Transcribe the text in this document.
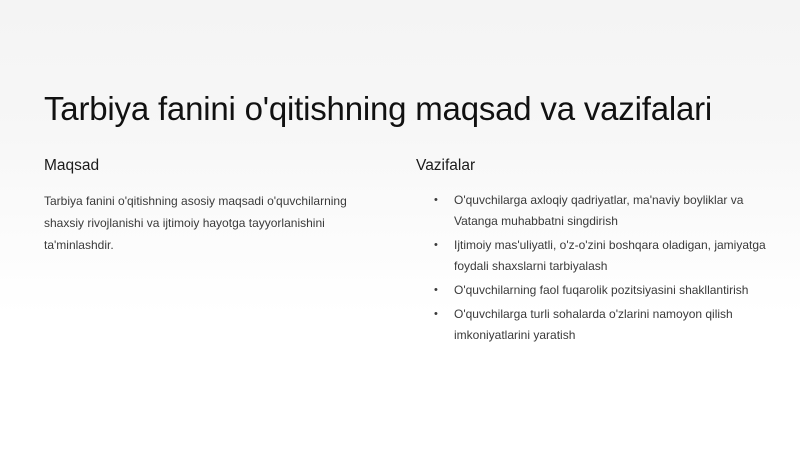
Tarbiya fanini o'qitishning maqsad va vazifalari
Maqsad

Tarbiya fanini o'qitishning asosiy maqsadi o'quvchilarning shaxsiy rivojlanishi va ijtimoiy hayotga tayyorlanishini ta'minlashdir.

Vazifalar
• O'quvchilarga axloqiy qadriyatlar, ma'naviy boyliklar va Vatanga muhabbatni singdirish
• Ijtimoiy mas'uliyatli, o'z-o'zini boshqara oladigan, jamiyatga foydali shaxslarni tarbiyalash
• O'quvchilarning faol fuqarolik pozitsiyasini shakllantirish
• O'quvchilarga turli sohalarda o'zlarini namoyon qilish imkoniyatlarini yaratish
